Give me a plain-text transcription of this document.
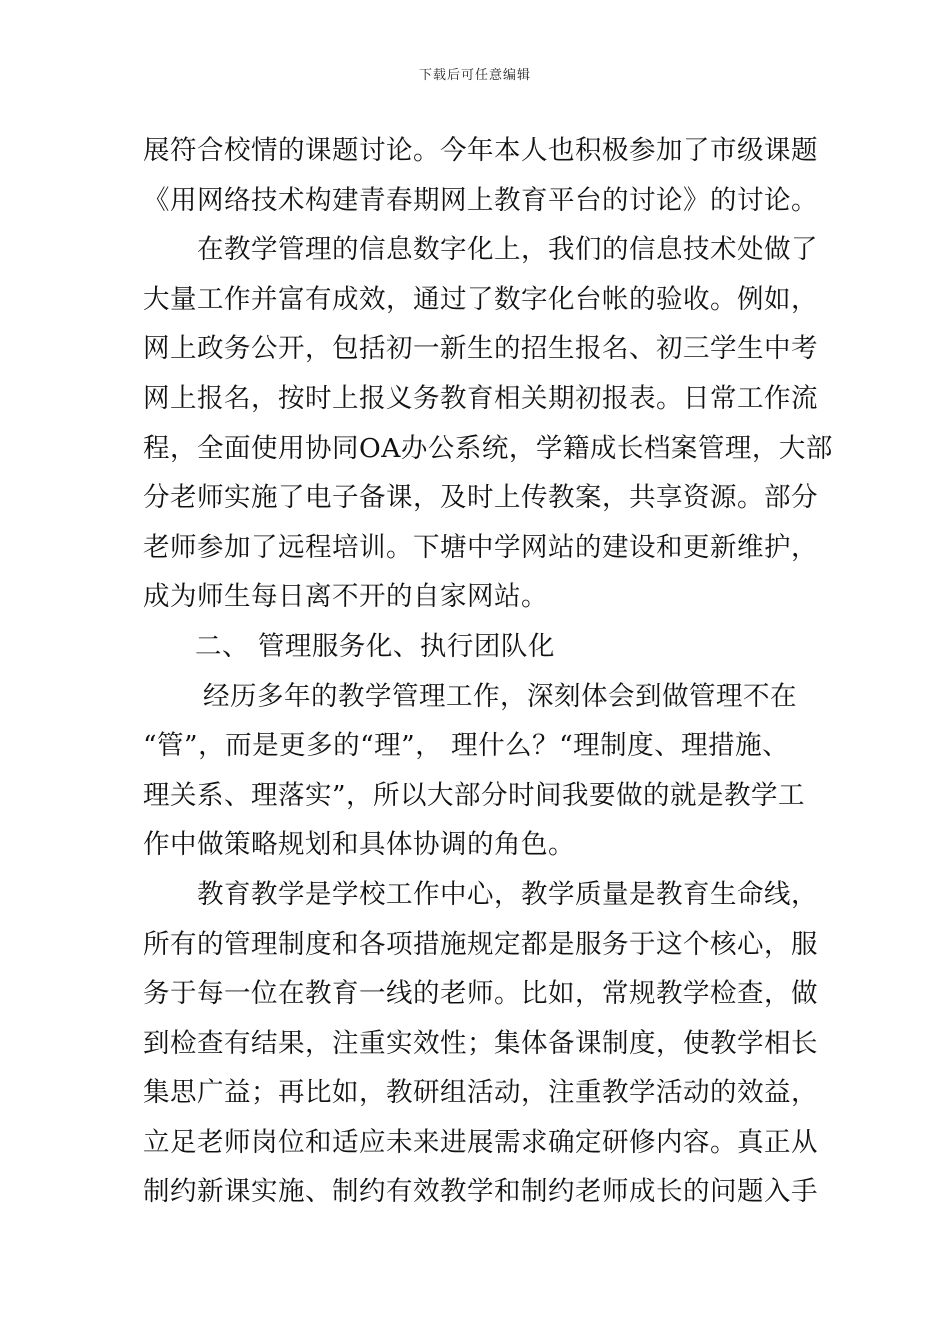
下载后可任意编辑
展符合校情的课题讨论。今年本人也积极参加了市级课题
《用网络技术构建青春期网上教育平台的讨论》的讨论。
在教学管理的信息数字化上，我们的信息技术处做了
大量工作并富有成效，通过了数字化台帐的验收。例如，
网上政务公开，包括初一新生的招生报名、初三学生中考
网上报名，按时上报义务教育相关期初报表。日常工作流
程，全面使用协同OA办公系统，学籍成长档案管理，大部
分老师实施了电子备课，及时上传教案，共享资源。部分
老师参加了远程培训。下塘中学网站的建设和更新维护，
成为师生每日离不开的自家网站。
二、 管理服务化、执行团队化
经历多年的教学管理工作，深刻体会到做管理不在
“管”，而是更多的“理”， 理什么？“理制度、理措施、
理关系、理落实”，所以大部分时间我要做的就是教学工
作中做策略规划和具体协调的角色。
教育教学是学校工作中心，教学质量是教育生命线，
所有的管理制度和各项措施规定都是服务于这个核心，服
务于每一位在教育一线的老师。比如，常规教学检查，做
到检查有结果，注重实效性；集体备课制度，使教学相长
集思广益；再比如，教研组活动，注重教学活动的效益，
立足老师岗位和适应未来进展需求确定研修内容。真正从
制约新课实施、制约有效教学和制约老师成长的问题入手
